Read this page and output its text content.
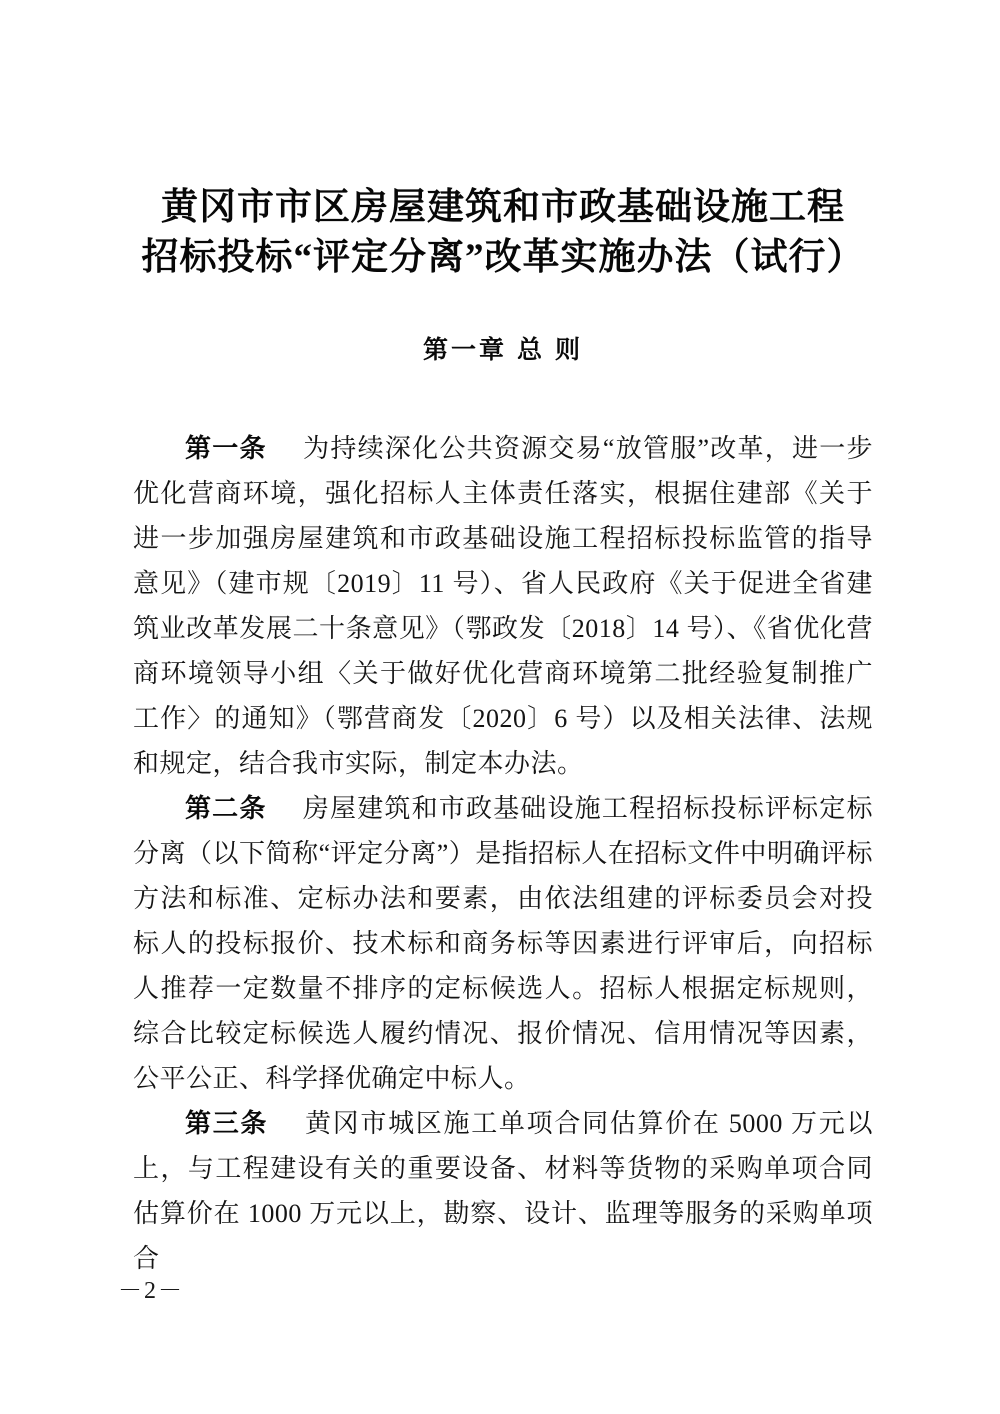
黄冈市市区房屋建筑和市政基础设施工程
招标投标“评定分离”改革实施办法（试行）
第一章 总 则

第一条 为持续深化公共资源交易“放管服”改革，进一步优化营商环境，强化招标人主体责任落实，根据住建部《关于进一步加强房屋建筑和市政基础设施工程招标投标监管的指导意见》（建市规〔2019〕11 号）、省人民政府《关于促进全省建筑业改革发展二十条意见》（鄂政发〔2018〕14 号）、《省优化营商环境领导小组〈关于做好优化营商环境第二批经验复制推广工作〉的通知》（鄂营商发〔2020〕6 号）以及相关法律、法规和规定，结合我市实际，制定本办法。

第二条 房屋建筑和市政基础设施工程招标投标评标定标分离（以下简称“评定分离”）是指招标人在招标文件中明确评标方法和标准、定标办法和要素，由依法组建的评标委员会对投标人的投标报价、技术标和商务标等因素进行评审后，向招标人推荐一定数量不排序的定标候选人。招标人根据定标规则，综合比较定标候选人履约情况、报价情况、信用情况等因素，公平公正、科学择优确定中标人。

第三条 黄冈市城区施工单项合同估算价在 5000 万元以上，与工程建设有关的重要设备、材料等货物的采购单项合同估算价在 1000 万元以上，勘察、设计、监理等服务的采购单项合

－2－
